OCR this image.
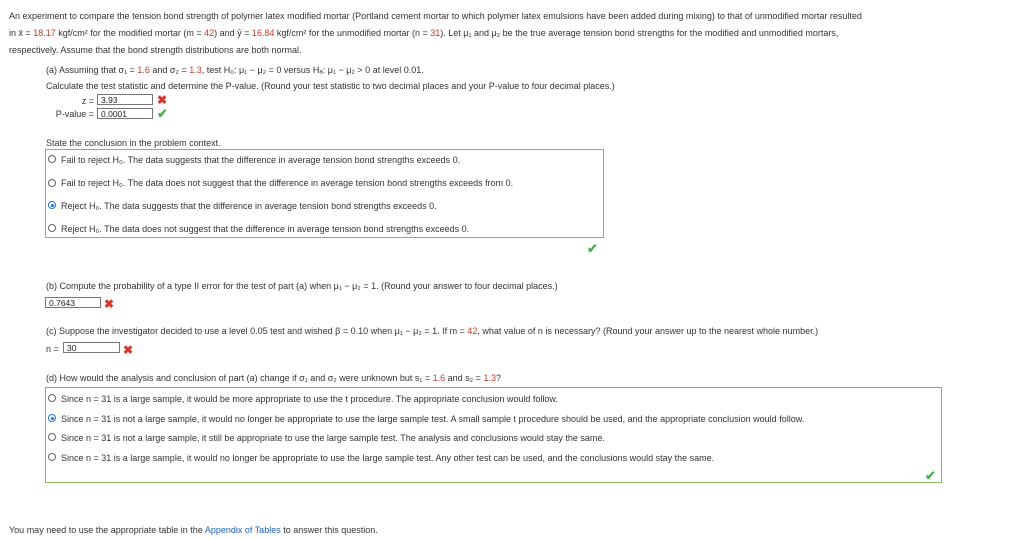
An experiment to compare the tension bond strength of polymer latex modified mortar (Portland cement mortar to which polymer latex emulsions have been added during mixing) to that of unmodified mortar resulted
in x̄ = 18.17 kgf/cm² for the modified mortar (m = 42) and ȳ = 16.84 kgf/cm² for the unmodified mortar (n = 31). Let μ₁ and μ₂ be the true average tension bond strengths for the modified and unmodified mortars,
respectively. Assume that the bond strength distributions are both normal.
(a) Assuming that σ₁ = 1.6 and σ₂ = 1.3, test H₀: μ₁ − μ₂ = 0 versus Hₐ: μ₁ − μ₂ > 0 at level 0.01.
Calculate the test statistic and determine the P-value. (Round your test statistic to two decimal places and your P-value to four decimal places.)
z = 3.93	✖
P-value = 0.0001	✔
State the conclusion in the problem context.
Fail to reject H₀. The data suggests that the difference in average tension bond strengths exceeds 0.
Fail to reject H₀. The data does not suggest that the difference in average tension bond strengths exceeds from 0.
Reject H₀. The data suggests that the difference in average tension bond strengths exceeds 0.
Reject H₀. The data does not suggest that the difference in average tension bond strengths exceeds 0.
✔
(b) Compute the probability of a type II error for the test of part (a) when μ₁ − μ₂ = 1. (Round your answer to four decimal places.)
0.7643	✖
(c) Suppose the investigator decided to use a level 0.05 test and wished β = 0.10 when μ₁ − μ₂ = 1. If m = 42, what value of n is necessary? (Round your answer up to the nearest whole number.)
n = 30	✖
(d) How would the analysis and conclusion of part (a) change if σ₁ and σ₂ were unknown but s₁ = 1.6 and s₂ = 1.3?
Since n = 31 is a large sample, it would be more appropriate to use the t procedure. The appropriate conclusion would follow.
Since n = 31 is not a large sample, it would no longer be appropriate to use the large sample test. A small sample t procedure should be used, and the appropriate conclusion would follow.
Since n = 31 is not a large sample, it still be appropriate to use the large sample test. The analysis and conclusions would stay the same.
Since n = 31 is a large sample, it would no longer be appropriate to use the large sample test. Any other test can be used, and the conclusions would stay the same.
✔
You may need to use the appropriate table in the Appendix of Tables to answer this question.
